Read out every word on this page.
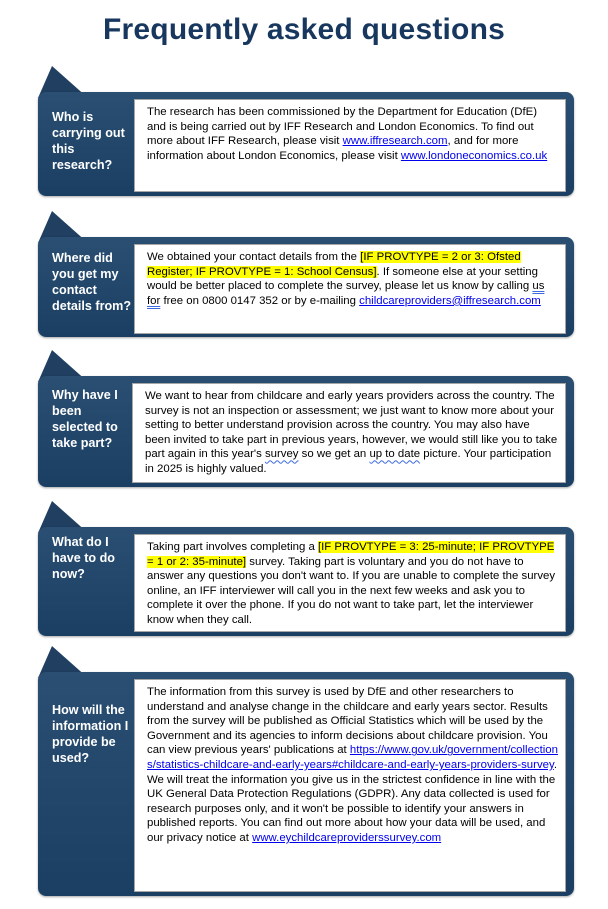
Frequently asked questions
Who is carrying out this research?
The research has been commissioned by the Department for Education (DfE) and is being carried out by IFF Research and London Economics. To find out more about IFF Research, please visit www.iffresearch.com, and for more information about London Economics, please visit www.londoneconomics.co.uk
Where did you get my contact details from?
We obtained your contact details from the [IF PROVTYPE = 2 or 3: Ofsted Register; IF PROVTYPE = 1: School Census]. If someone else at your setting would be better placed to complete the survey, please let us know by calling us for free on 0800 0147 352 or by e-mailing childcareproviders@iffresearch.com
Why have I been selected to take part?
We want to hear from childcare and early years providers across the country. The survey is not an inspection or assessment; we just want to know more about your setting to better understand provision across the country. You may also have been invited to take part in previous years, however, we would still like you to take part again in this year's survey so we get an up to date picture. Your participation in 2025 is highly valued.
What do I have to do now?
Taking part involves completing a [IF PROVTYPE = 3: 25-minute; IF PROVTYPE = 1 or 2: 35-minute] survey. Taking part is voluntary and you do not have to answer any questions you don't want to. If you are unable to complete the survey online, an IFF interviewer will call you in the next few weeks and ask you to complete it over the phone. If you do not want to take part, let the interviewer know when they call.
How will the information I provide be used?
The information from this survey is used by DfE and other researchers to understand and analyse change in the childcare and early years sector. Results from the survey will be published as Official Statistics which will be used by the Government and its agencies to inform decisions about childcare provision. You can view previous years' publications at https://www.gov.uk/government/collections/statistics-childcare-and-early-years#childcare-and-early-years-providers-survey.
We will treat the information you give us in the strictest confidence in line with the UK General Data Protection Regulations (GDPR). Any data collected is used for research purposes only, and it won't be possible to identify your answers in published reports. You can find out more about how your data will be used, and our privacy notice at www.eychildcareproviderssurvey.com
